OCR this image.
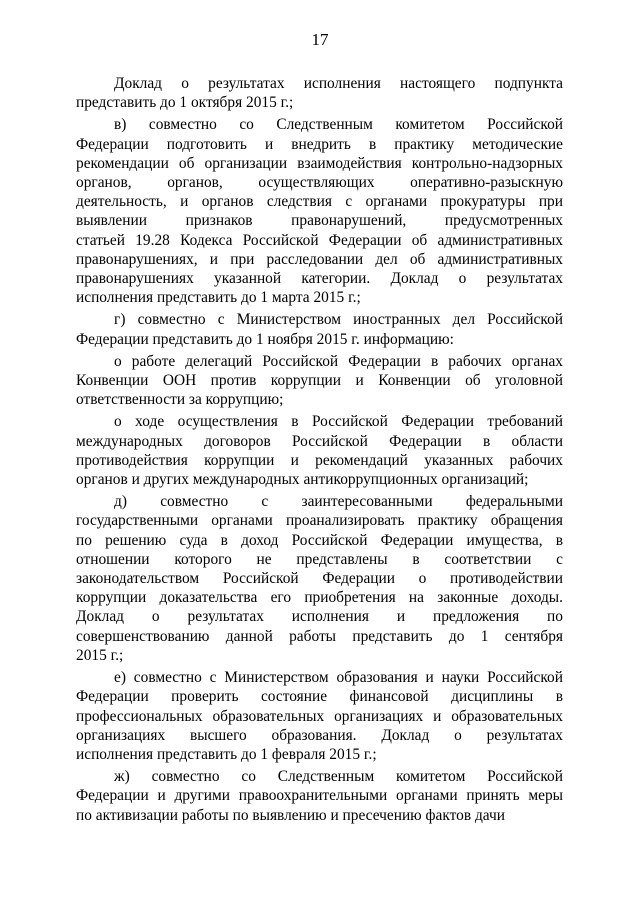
17
Доклад о результатах исполнения настоящего подпункта
представить до 1 октября 2015 г.;
в) совместно со Следственным комитетом Российской
Федерации подготовить и внедрить в практику методические
рекомендации об организации взаимодействия контрольно-надзорных
органов, органов, осуществляющих оперативно-разыскную
деятельность, и органов следствия с органами прокуратуры при
выявлении признаков правонарушений, предусмотренных
статьей 19.28 Кодекса Российской Федерации об административных
правонарушениях, и при расследовании дел об административных
правонарушениях указанной категории. Доклад о результатах
исполнения представить до 1 марта 2015 г.;
г) совместно с Министерством иностранных дел Российской
Федерации представить до 1 ноября 2015 г. информацию:
о работе делегаций Российской Федерации в рабочих органах
Конвенции ООН против коррупции и Конвенции об уголовной
ответственности за коррупцию;
о ходе осуществления в Российской Федерации требований
международных договоров Российской Федерации в области
противодействия коррупции и рекомендаций указанных рабочих
органов и других международных антикоррупционных организаций;
д) совместно с заинтересованными федеральными
государственными органами проанализировать практику обращения
по решению суда в доход Российской Федерации имущества, в
отношении которого не представлены в соответствии с
законодательством Российской Федерации о противодействии
коррупции доказательства его приобретения на законные доходы.
Доклад о результатах исполнения и предложения по
совершенствованию данной работы представить до 1 сентября
2015 г.;
е) совместно с Министерством образования и науки Российской
Федерации проверить состояние финансовой дисциплины в
профессиональных образовательных организациях и образовательных
организациях высшего образования. Доклад о результатах
исполнения представить до 1 февраля 2015 г.;
ж) совместно со Следственным комитетом Российской
Федерации и другими правоохранительными органами принять меры
по активизации работы по выявлению и пресечению фактов дачи
